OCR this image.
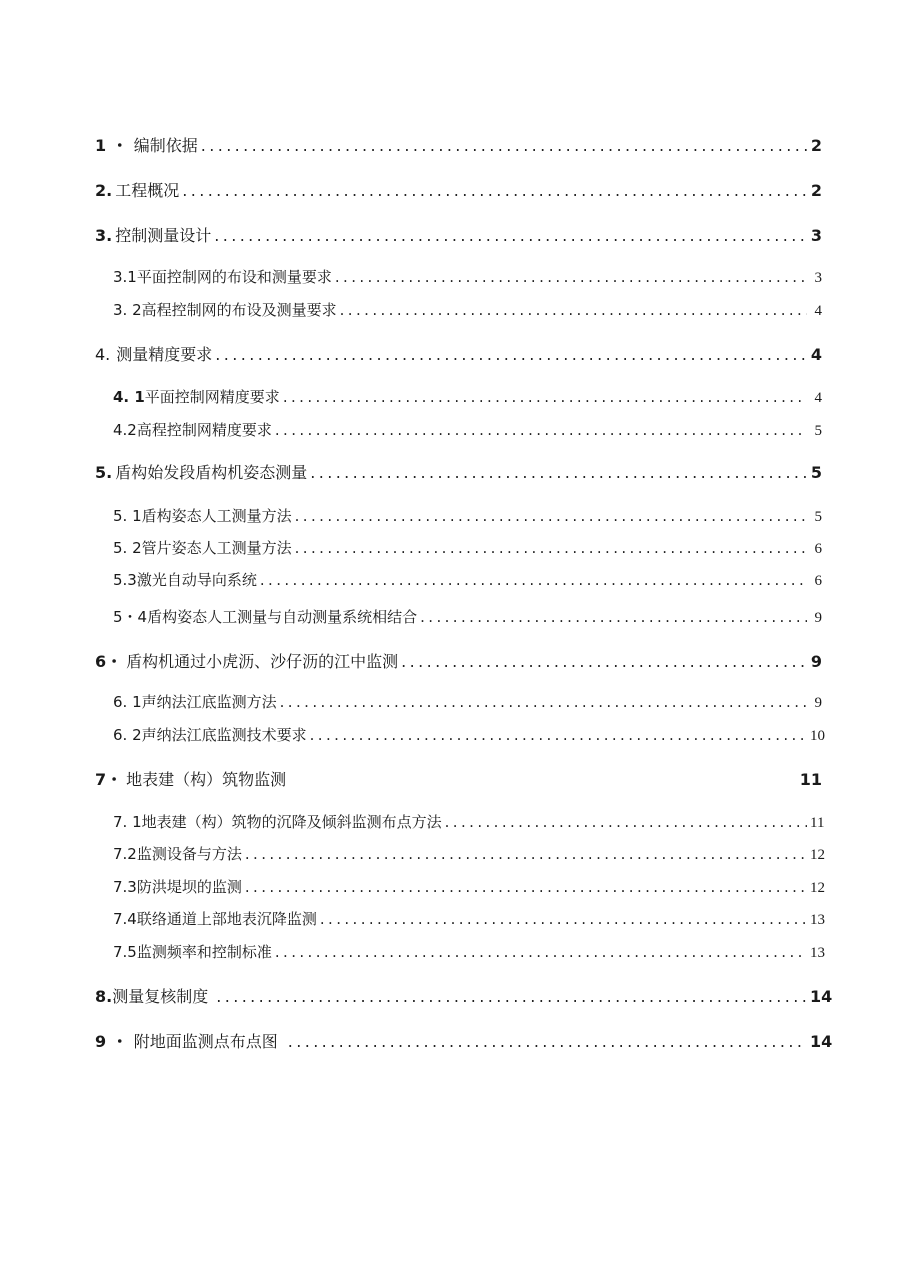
1 ・ 编制依据 .....	2
2. 工程概况 .....	2
3. 控制测量设计 .....	3
3.1 平面控制网的布设和测量要求 .....	3
3. 2 高程控制网的布设及测量要求 .....	4
4. 测量精度要求 .....	4
4. 1 平面控制网精度要求 .....	4
4.2 高程控制网精度要求 .....	5
5. 盾构始发段盾构机姿态测量 .....	5
5. 1 盾构姿态人工测量方法 .....	5
5. 2 管片姿态人工测量方法 .....	6
5.3 激光自动导向系统 .....	6
5・4 盾构姿态人工测量与自动测量系统相结合 .....	9
6・ 盾构机通过小虎沥、沙仔沥的江中监测 .....	9
6. 1 声纳法江底监测方法 .....	9
6. 2 声纳法江底监测技术要求 .....	10
7・ 地表建（构）筑物监测	11
7. 1 地表建（构）筑物的沉降及倾斜监测布点方法 .....	11
7.2 监测设备与方法 .....	12
7.3 防洪堤坝的监测 .....	12
7.4 联络通道上部地表沉降监测 .....	13
7.5 监测频率和控制标准 .....	13
8. 测量复核制度 .....	14
9 ・ 附地面监测点布点图 .....	14
